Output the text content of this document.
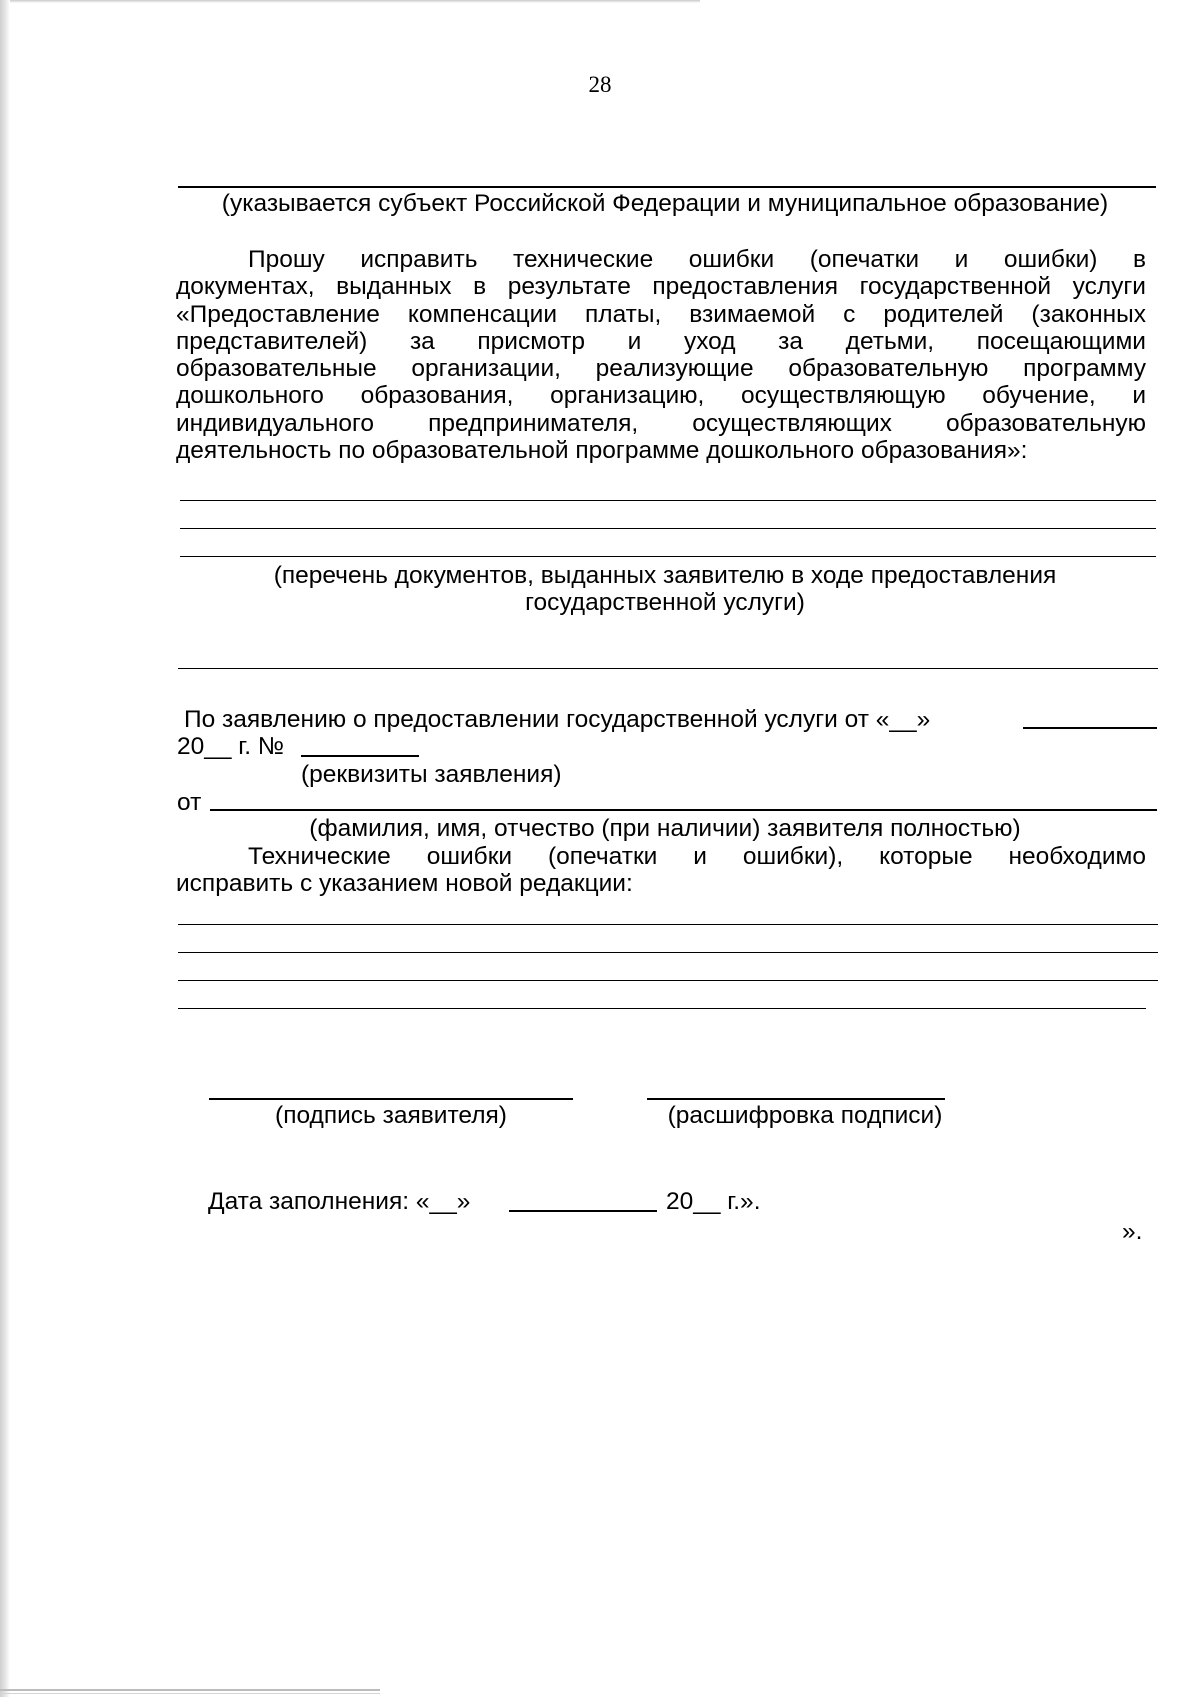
28
(указывается субъект Российской Федерации и муниципальное образование)
Прошу исправить технические ошибки (опечатки и ошибки) в
документах, выданных в результате предоставления государственной услуги
«Предоставление компенсации платы, взимаемой с родителей (законных
представителей) за присмотр и уход за детьми, посещающими
образовательные организации, реализующие образовательную программу
дошкольного образования, организацию, осуществляющую обучение, и
индивидуального предпринимателя, осуществляющих образовательную
деятельность по образовательной программе дошкольного образования»:
(перечень документов, выданных заявителю в ходе предоставления
государственной услуги)
По заявлению о предоставлении государственной услуги от «__»
20__ г. №
(реквизиты заявления)
от
(фамилия, имя, отчество (при наличии) заявителя полностью)
Технические ошибки (опечатки и ошибки), которые необходимо
исправить с указанием новой редакции:
(подпись заявителя)	(расшифровка подписи)
Дата заполнения: «__»	20__ г.».
».
